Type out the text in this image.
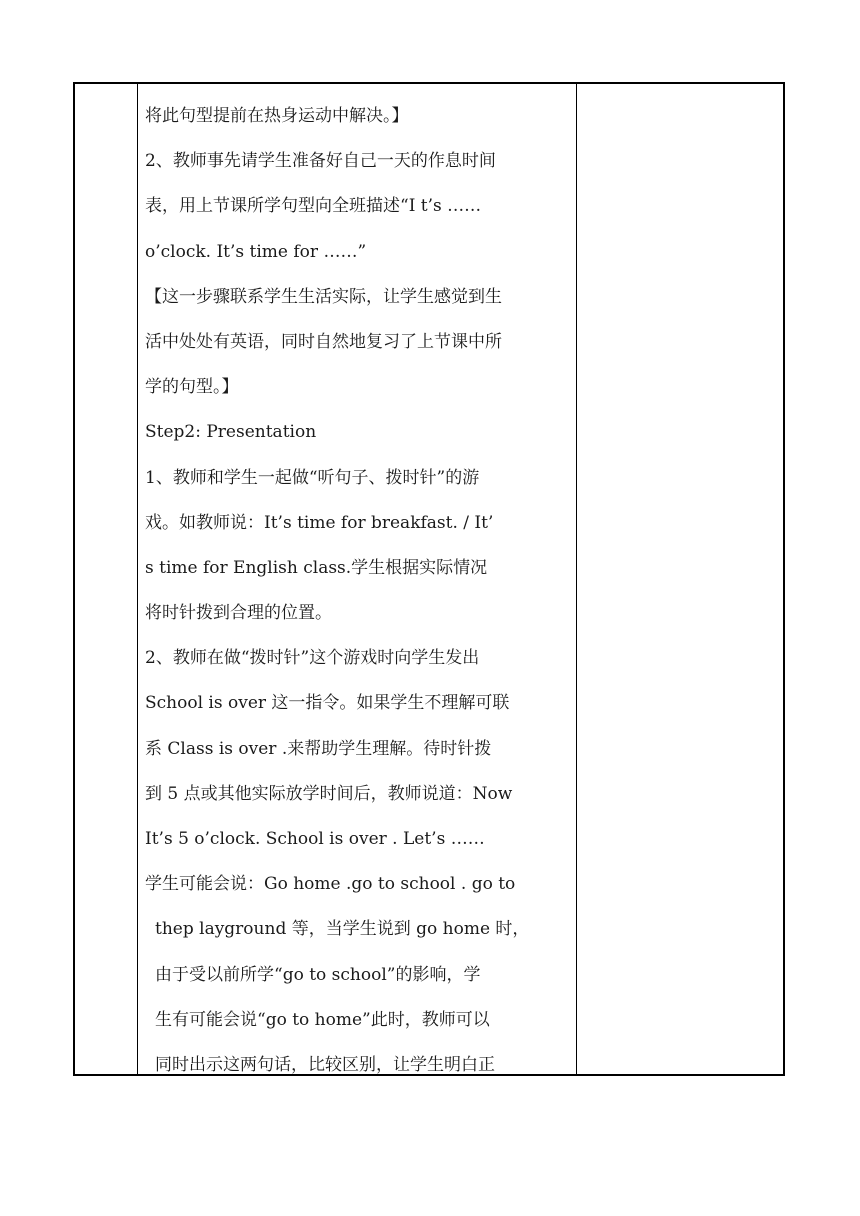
将此句型提前在热身运动中解决。】
2、教师事先请学生准备好自己一天的作息时间
表，用上节课所学句型向全班描述“I t’s ……
o’clock. It’s time for ……”
【这一步骤联系学生生活实际，让学生感觉到生
活中处处有英语，同时自然地复习了上节课中所
学的句型。】
Step2: Presentation
1、教师和学生一起做“听句子、拨时针”的游
戏。如教师说：It’s time for breakfast. / It’
s time for English class.学生根据实际情况
将时针拨到合理的位置。
2、教师在做“拨时针”这个游戏时向学生发出
School is over 这一指令。如果学生不理解可联
系 Class is over .来帮助学生理解。待时针拨
到 5 点或其他实际放学时间后，教师说道：Now
It’s 5 o’clock. School is over . Let’s ……
学生可能会说：Go home .go to school . go to
thep layground 等，当学生说到 go home 时，
由于受以前所学“go to school”的影响，学
生有可能会说“go to home”此时，教师可以
同时出示这两句话，比较区别，让学生明白正
